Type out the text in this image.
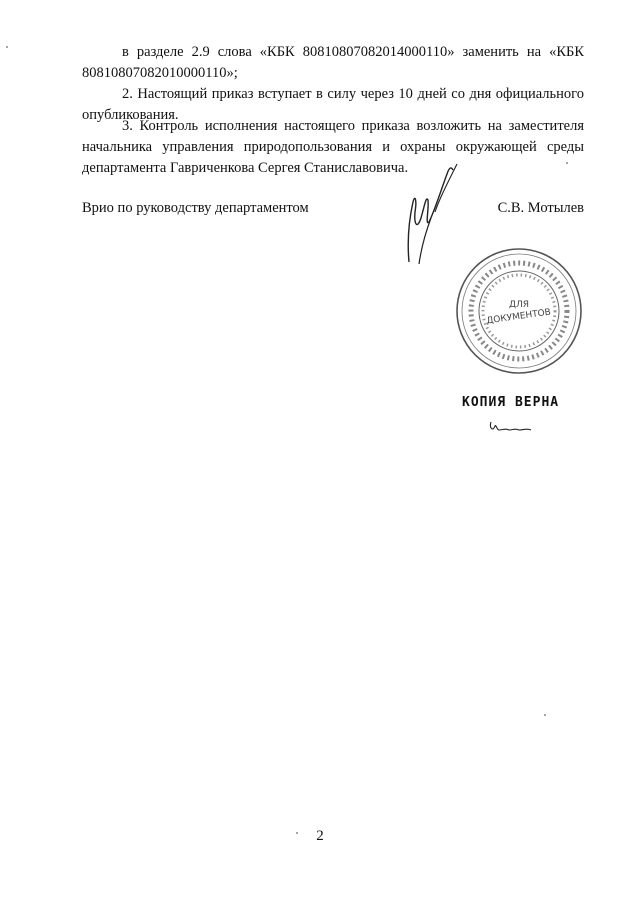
в разделе 2.9 слова «КБК 80810807082014000110» заменить на «КБК 80810807082010000110»;

2. Настоящий приказ вступает в силу через 10 дней со дня официального опубликования.

3. Контроль исполнения настоящего приказа возложить на заместителя начальника управления природопользования и охраны окружающей среды департамента Гавриченкова Сергея Станиславовича.

Врио по руководству департаментом	С.В. Мотылев
ДЛЯ
ДОКУМЕНТОВ
КОПИЯ ВЕРНА
2
